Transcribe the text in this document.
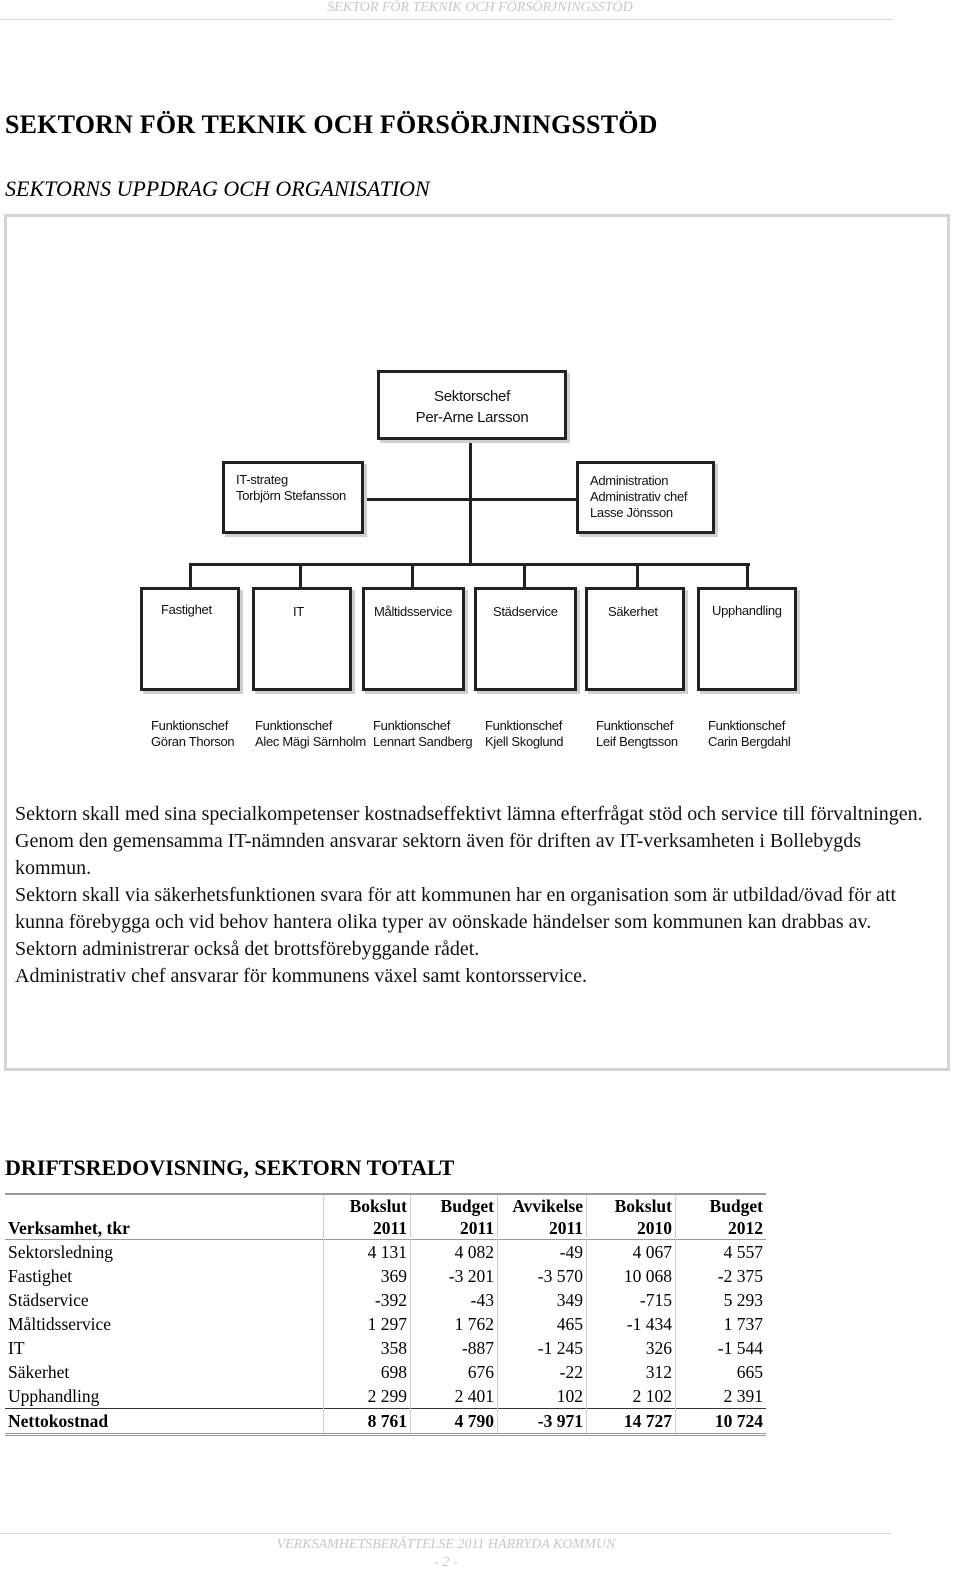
SEKTOR FÖR TEKNIK OCH FÖRSÖRJNINGSSTÖD
SEKTORN FÖR TEKNIK OCH FÖRSÖRJNINGSSTÖD
SEKTORNS UPPDRAG OCH ORGANISATION
Sektorschef
Per-Arne Larsson
IT-strateg
Torbjörn Stefansson
Administration
Administrativ chef
Lasse Jönsson
Fastighet	IT	Måltidsservice	Städservice	Säkerhet	Upphandling
Funktionschef
Göran Thorson
Funktionschef
Alec Mägi Särnholm
Funktionschef
Lennart Sandberg
Funktionschef
Kjell Skoglund
Funktionschef
Leif Bengtsson
Funktionschef
Carin Bergdahl

Sektorn skall med sina specialkompetenser kostnadseffektivt lämna efterfrågat stöd och service till förvaltningen.

Genom den gemensamma IT-nämnden ansvarar sektorn även för driften av IT-verksamheten i Bollebygds kommun.

Sektorn skall via säkerhetsfunktionen svara för att kommunen har en organisation som är utbildad/övad för att kunna förebygga och vid behov hantera olika typer av oönskade händelser som kommunen kan drabbas av.

Sektorn administrerar också det brottsförebyggande rådet.

Administrativ chef ansvarar för kommunens växel samt kontorsservice.

DRIFTSREDOVISNING, SEKTORN TOTALT
	Bokslut	Budget	Avvikelse	Bokslut	Budget
Verksamhet, tkr	2011	2011	2011	2010	2012
Sektorsledning	4 131	4 082	-49	4 067	4 557
Fastighet	369	-3 201	-3 570	10 068	-2 375
Städservice	-392	-43	349	-715	5 293
Måltidsservice	1 297	1 762	465	-1 434	1 737
IT	358	-887	-1 245	326	-1 544
Säkerhet	698	676	-22	312	665
Upphandling	2 299	2 401	102	2 102	2 391
Nettokostnad	8 761	4 790	-3 971	14 727	10 724
VERKSAMHETSBERÄTTELSE 2011 HÄRRYDA KOMMUN
- 2 -
